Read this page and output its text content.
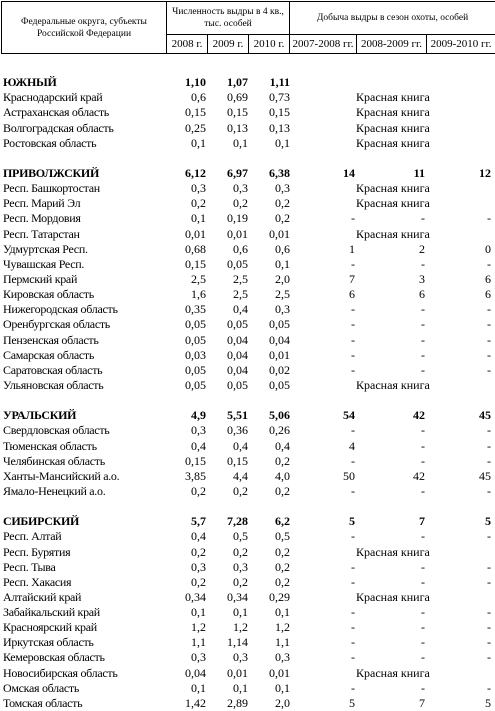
Федеральные округа, субъекты Российской Федерации	Численность выдры в 4 кв., тыс. особей			Добыча выдры в сезон охоты, особей		
	2008 г.	2009 г.	2010 г.	2007-2008 гг.	2008-2009 гг.	2009-2010 гг.
ЮЖНЫЙ	1,10 1,07 1,11
Краснодарский край	0,6 0,69 0,73	Красная книга
Астраханская область	0,15 0,15 0,15	Красная книга
Волгоградская область	0,25 0,13 0,13	Красная книга
Ростовская область	0,1 0,1 0,1	Красная книга
ПРИВОЛЖСКИЙ	6,12 6,97 6,38	14	11	12
Респ. Башкортостан	0,3 0,3 0,3	Красная книга
Респ. Марий Эл	0,2 0,2 0,2	Красная книга
Респ. Мордовия	0,1 0,19 0,2	-	-	-
Респ. Татарстан	0,01 0,01 0,01	Красная книга
Удмуртская Респ.	0,68 0,6 0,6	1	2	0
Чувашская Респ.	0,15 0,05 0,1	-	-	-
Пермский край	2,5 2,5 2,0	7	3	6
Кировская область	1,6 2,5 2,5	6	6	6
Нижегородская область	0,35 0,4 0,3	-	-	-
Оренбургская область	0,05 0,05 0,05	-	-	-
Пензенская область	0,05 0,04 0,04	-	-	-
Самарская область	0,03 0,04 0,01	-	-	-
Саратовская область	0,05 0,04 0,02	-	-	-
Ульяновская область	0,05 0,05 0,05	Красная книга
УРАЛЬСКИЙ	4,9 5,51 5,06	54	42	45
Свердловская область	0,3 0,36 0,26	-	-	-
Тюменская область	0,4 0,4 0,4	4	-	-
Челябинская область	0,15 0,15 0,2	-	-	-
Ханты-Мансийский а.о.	3,85 4,4 4,0	50	42	45
Ямало-Ненецкий а.о.	0,2 0,2 0,2	-	-	-
СИБИРСКИЙ	5,7 7,28 6,2	5	7	5
Респ. Алтай	0,4 0,5 0,5	-	-	-
Респ. Бурятия	0,2 0,2 0,2	Красная книга
Респ. Тыва	0,3 0,3 0,2	-	-	-
Респ. Хакасия	0,2 0,2 0,2	-	-	-
Алтайский край	0,34 0,34 0,29	Красная книга
Забайкальский край	0,1 0,1 0,1	-	-	-
Красноярский край	1,2 1,2 1,2	-	-	-
Иркутская область	1,1 1,14 1,1	-	-	-
Кемеровская область	0,3 0,3 0,3	-	-	-
Новосибирская область	0,04 0,01 0,01	Красная книга
Омская область	0,1 0,1 0,1	-	-	-
Томская область	1,42 2,89 2,0	5	7	5
